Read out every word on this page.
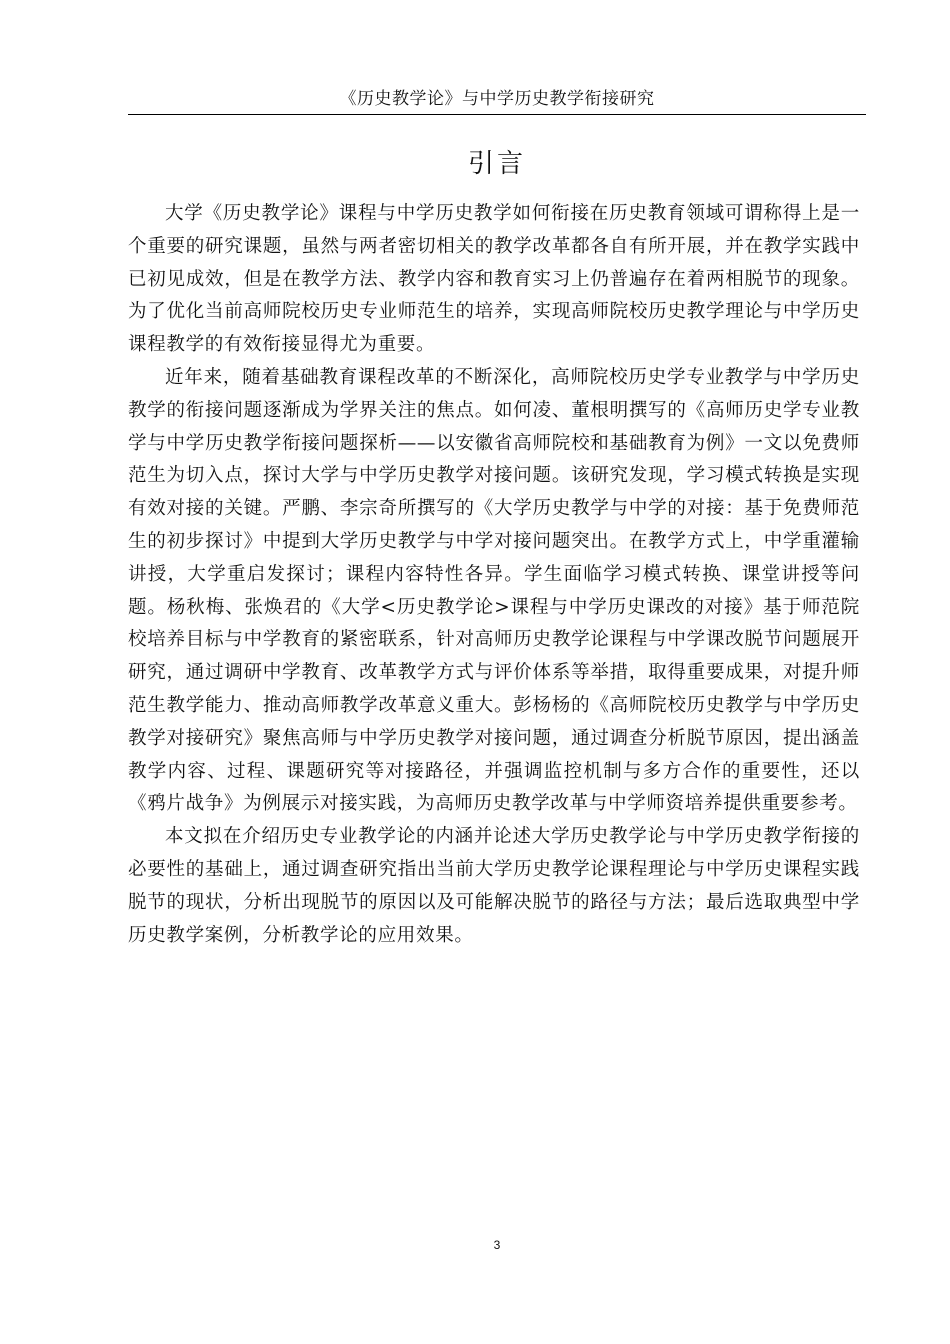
《历史教学论》与中学历史教学衔接研究
引言

大学《历史教学论》课程与中学历史教学如何衔接在历史教育领域可谓称得上是一个重要的研究课题，虽然与两者密切相关的教学改革都各自有所开展，并在教学实践中已初见成效，但是在教学方法、教学内容和教育实习上仍普遍存在着两相脱节的现象。为了优化当前高师院校历史专业师范生的培养，实现高师院校历史教学理论与中学历史课程教学的有效衔接显得尤为重要。

近年来，随着基础教育课程改革的不断深化，高师院校历史学专业教学与中学历史教学的衔接问题逐渐成为学界关注的焦点。如何凌、董根明撰写的《高师历史学专业教学与中学历史教学衔接问题探析——以安徽省高师院校和基础教育为例》一文以免费师范生为切入点，探讨大学与中学历史教学对接问题。该研究发现，学习模式转换是实现有效对接的关键。严鹏、李宗奇所撰写的《大学历史教学与中学的对接：基于免费师范生的初步探讨》中提到大学历史教学与中学对接问题突出。在教学方式上，中学重灌输讲授，大学重启发探讨；课程内容特性各异。学生面临学习模式转换、课堂讲授等问题。杨秋梅、张焕君的《大学<历史教学论>课程与中学历史课改的对接》基于师范院校培养目标与中学教育的紧密联系，针对高师历史教学论课程与中学课改脱节问题展开研究，通过调研中学教育、改革教学方式与评价体系等举措，取得重要成果，对提升师范生教学能力、推动高师教学改革意义重大。彭杨杨的《高师院校历史教学与中学历史教学对接研究》聚焦高师与中学历史教学对接问题，通过调查分析脱节原因，提出涵盖教学内容、过程、课题研究等对接路径，并强调监控机制与多方合作的重要性，还以《鸦片战争》为例展示对接实践，为高师历史教学改革与中学师资培养提供重要参考。

本文拟在介绍历史专业教学论的内涵并论述大学历史教学论与中学历史教学衔接的必要性的基础上，通过调查研究指出当前大学历史教学论课程理论与中学历史课程实践脱节的现状，分析出现脱节的原因以及可能解决脱节的路径与方法；最后选取典型中学历史教学案例，分析教学论的应用效果。

3
